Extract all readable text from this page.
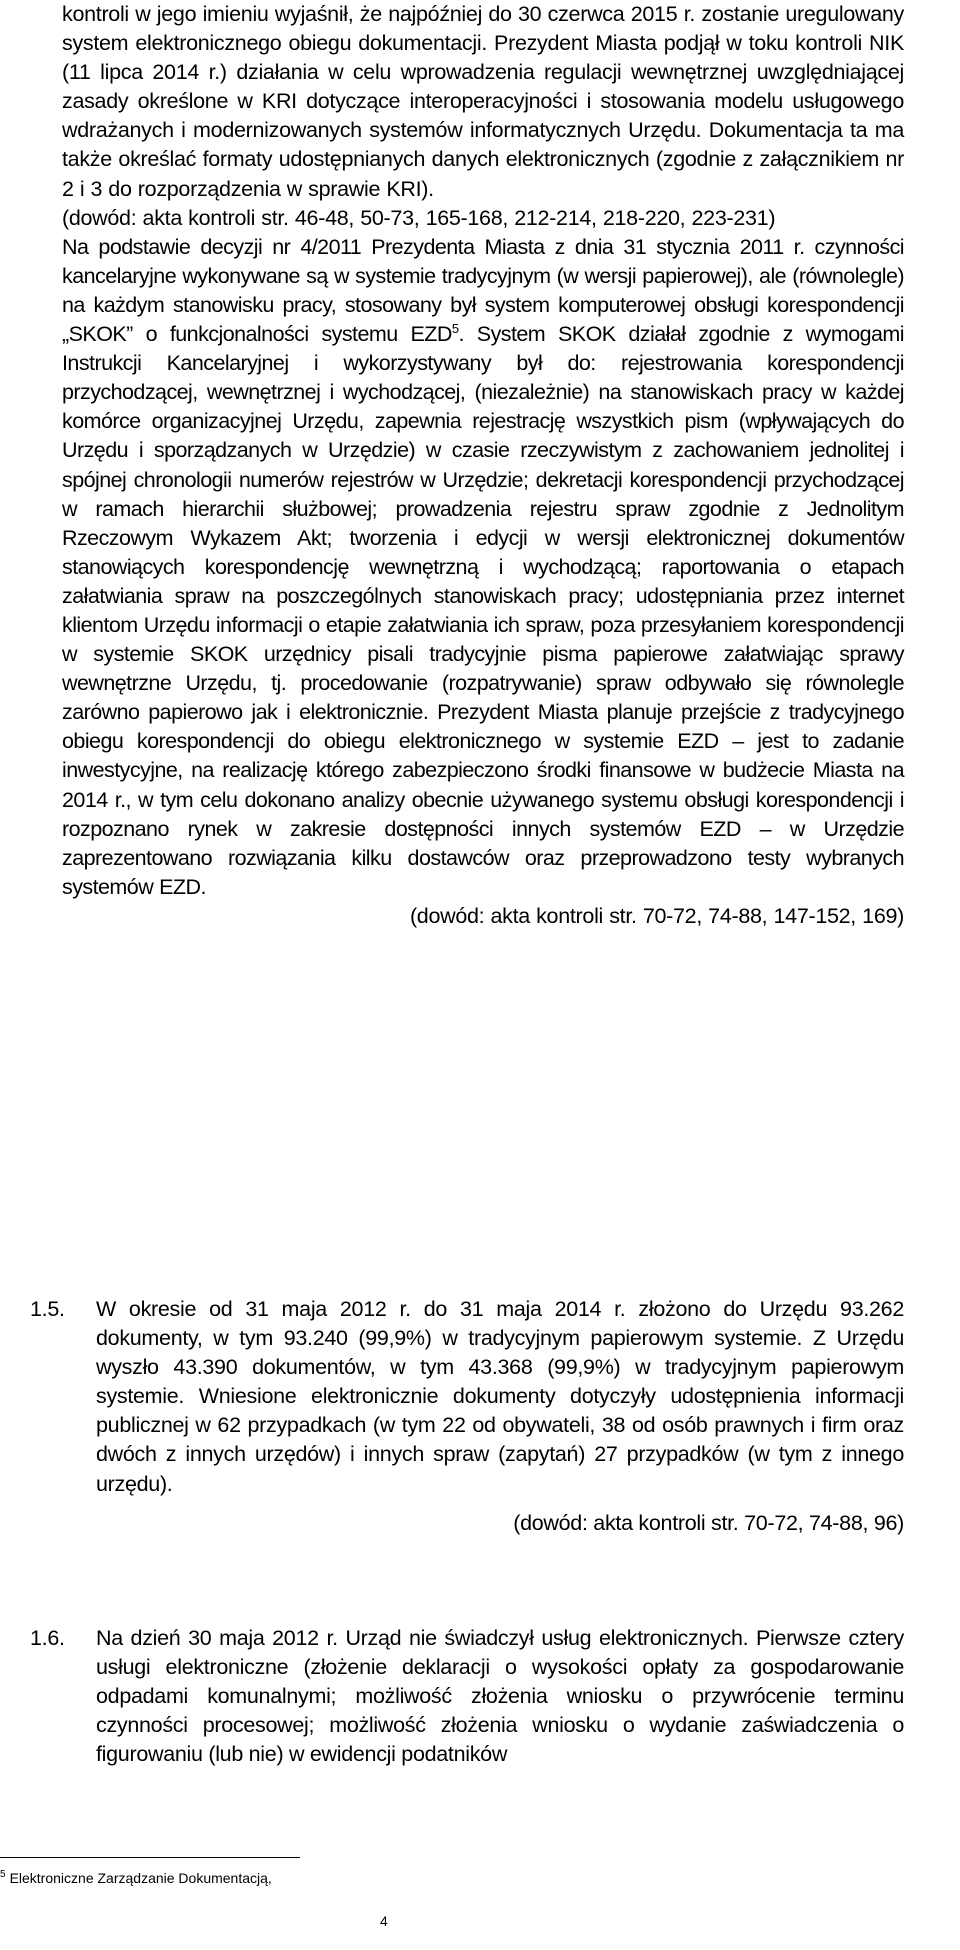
kontroli w jego imieniu wyjaśnił, że najpóźniej do 30 czerwca 2015 r. zostanie uregulowany system elektronicznego obiegu dokumentacji. Prezydent Miasta podjął w toku kontroli NIK (11 lipca 2014 r.) działania w celu wprowadzenia regulacji wewnętrznej uwzględniającej zasady określone w KRI dotyczące interoperacyjności i stosowania modelu usługowego wdrażanych i modernizowanych systemów informatycznych Urzędu. Dokumentacja ta ma także określać formaty udostępnianych danych elektronicznych (zgodnie z załącznikiem nr 2 i 3 do rozporządzenia w sprawie KRI).

(dowód: akta kontroli str. 46-48, 50-73, 165-168, 212-214, 218-220, 223-231)

Na podstawie decyzji nr 4/2011 Prezydenta Miasta z dnia 31 stycznia 2011 r. czynności kancelaryjne wykonywane są w systemie tradycyjnym (w wersji papierowej), ale (równolegle) na każdym stanowisku pracy, stosowany był system komputerowej obsługi korespondencji „SKOK” o funkcjonalności systemu EZD$^5$. System SKOK działał zgodnie z wymogami Instrukcji Kancelaryjnej i wykorzystywany był do: rejestrowania korespondencji przychodzącej, wewnętrznej i wychodzącej, (niezależnie) na stanowiskach pracy w każdej komórce organizacyjnej Urzędu, zapewnia rejestrację wszystkich pism (wpływających do Urzędu i sporządzanych w Urzędzie) w czasie rzeczywistym z zachowaniem jednolitej i spójnej chronologii numerów rejestrów w Urzędzie; dekretacji korespondencji przychodzącej w ramach hierarchii służbowej; prowadzenia rejestru spraw zgodnie z Jednolitym Rzeczowym Wykazem Akt; tworzenia i edycji w wersji elektronicznej dokumentów stanowiących korespondencję wewnętrzną i wychodzącą; raportowania o etapach załatwiania spraw na poszczególnych stanowiskach pracy; udostępniania przez internet klientom Urzędu informacji o etapie załatwiania ich spraw, poza przesyłaniem korespondencji w systemie SKOK urzędnicy pisali tradycyjnie pisma papierowe załatwiając sprawy wewnętrzne Urzędu, tj. procedowanie (rozpatrywanie) spraw odbywało się równolegle zarówno papierowo jak i elektronicznie. Prezydent Miasta planuje przejście z tradycyjnego obiegu korespondencji do obiegu elektronicznego w systemie EZD – jest to zadanie inwestycyjne, na realizację którego zabezpieczono środki finansowe w budżecie Miasta na 2014 r., w tym celu dokonano analizy obecnie używanego systemu obsługi korespondencji i rozpoznano rynek w zakresie dostępności innych systemów EZD – w Urzędzie zaprezentowano rozwiązania kilku dostawców oraz przeprowadzono testy wybranych systemów EZD.

(dowód: akta kontroli str. 70-72, 74-88, 147-152, 169)

1.5.	W okresie od 31 maja 2012 r. do 31 maja 2014 r. złożono do Urzędu 93.262 dokumenty, w tym 93.240 (99,9%) w tradycyjnym papierowym systemie. Z Urzędu wyszło 43.390 dokumentów, w tym 43.368 (99,9%) w tradycyjnym papierowym systemie. Wniesione elektronicznie dokumenty dotyczyły udostępnienia informacji publicznej w 62 przypadkach (w tym 22 od obywateli, 38 od osób prawnych i firm oraz dwóch z innych urzędów) i innych spraw (zapytań) 27 przypadków (w tym z innego urzędu).
(dowód: akta kontroli str. 70-72, 74-88, 96)
1.6.	Na dzień 30 maja 2012 r. Urząd nie świadczył usług elektronicznych. Pierwsze cztery usługi elektroniczne (złożenie deklaracji o wysokości opłaty za gospodarowanie odpadami komunalnymi; możliwość złożenia wniosku o przywrócenie terminu czynności procesowej; możliwość złożenia wniosku o wydanie zaświadczenia o figurowaniu (lub nie) w ewidencji podatników
$^5$ Elektroniczne Zarządzanie Dokumentacją,
4
